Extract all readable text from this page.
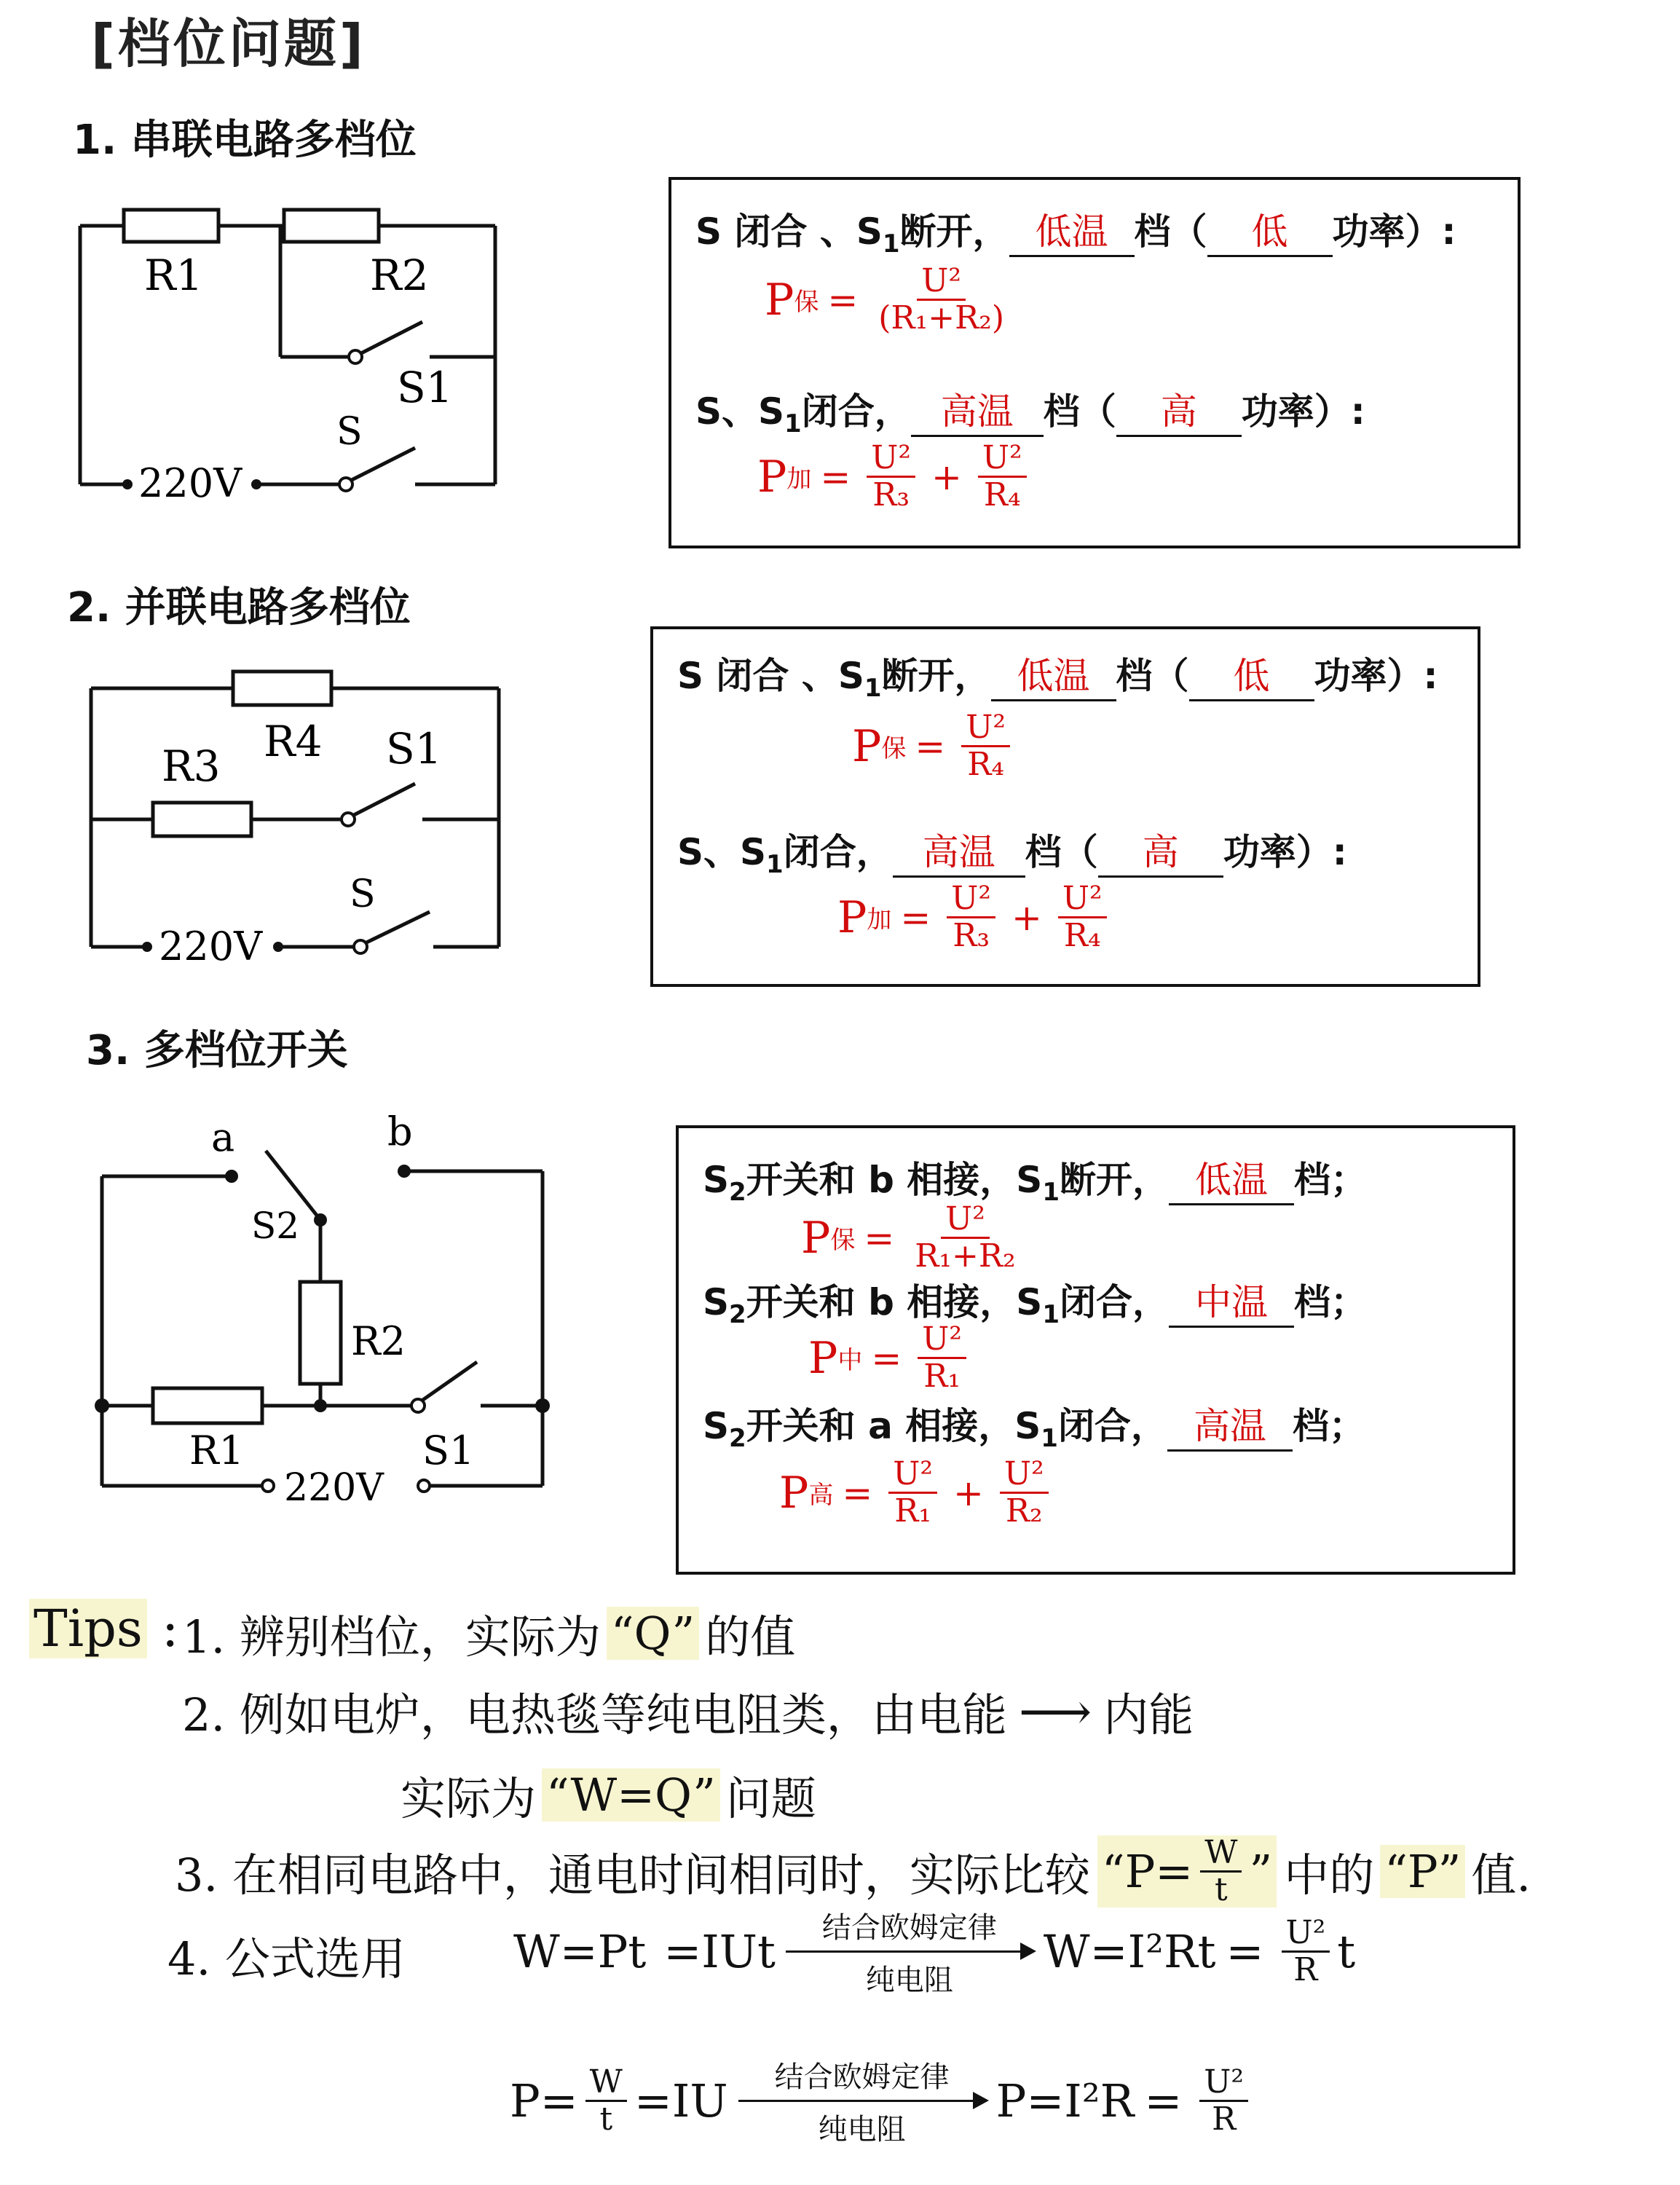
[档位问题]
1. 串联电路多档位
2. 并联电路多档位
3. 多档位开关
R1	R2
S1
S
220V
R4
R3	S1
S
220V
a	b
S2
R2
R1	S1
220V
S 闭合 、$S_1$断开， 低温 档（ 低 功率）:
P 保 = $\frac{\text{U²}}{\text{(R₁+R₂)}}$
S、$S_1$闭合， 高温 档（ 高 功率）:
P 加 = $\frac{\text{U²}}{\text{R₃}} + \frac{\text{U²}}{\text{R₄}}$
S 闭合 、$S_1$断开， 低温 档（ 低 功率）:
P 保 = $\frac{\text{U²}}{\text{R₄}}$
S、$S_1$闭合， 高温 档（ 高 功率）:
P 加 = $\frac{\text{U²}}{\text{R₃}} + \frac{\text{U²}}{\text{R₄}}$
$S_2$开关和 b 相接，$S_1$断开， 低温 档；
P 保 = $\frac{\text{U²}}{\text{R₁+R₂}}$
$S_2$开关和 b 相接，$S_1$闭合， 中温 档；
P 中 = $\frac{\text{U²}}{\text{R₁}}$
$S_2$开关和 a 相接，$S_1$闭合， 高温 档；
P 高 = $\frac{\text{U²}}{\text{R₁}} + \frac{\text{U²}}{\text{R₂}}$
Tips : 1. 辨别档位，实际为 “Q” 的值
2. 例如电炉，电热毯等纯电阻类，由电能 ⟶ 内能
实际为 “W=Q” 问题
3. 在相同电路中，通电时间相同时，实际比较 “ $P= \frac{W}{t}$ ” 中的 “P” 值.
4. 公式选用 W=Pt =IUt 结合欧姆定律
纯电阻
$W=I^2Rt = \frac{\text{U²}}{R}$ t
$P= \frac{W}{t} =IU$ 结合欧姆定律
纯电阻
$P=I^2R = \frac{\text{U²}}{R}$
